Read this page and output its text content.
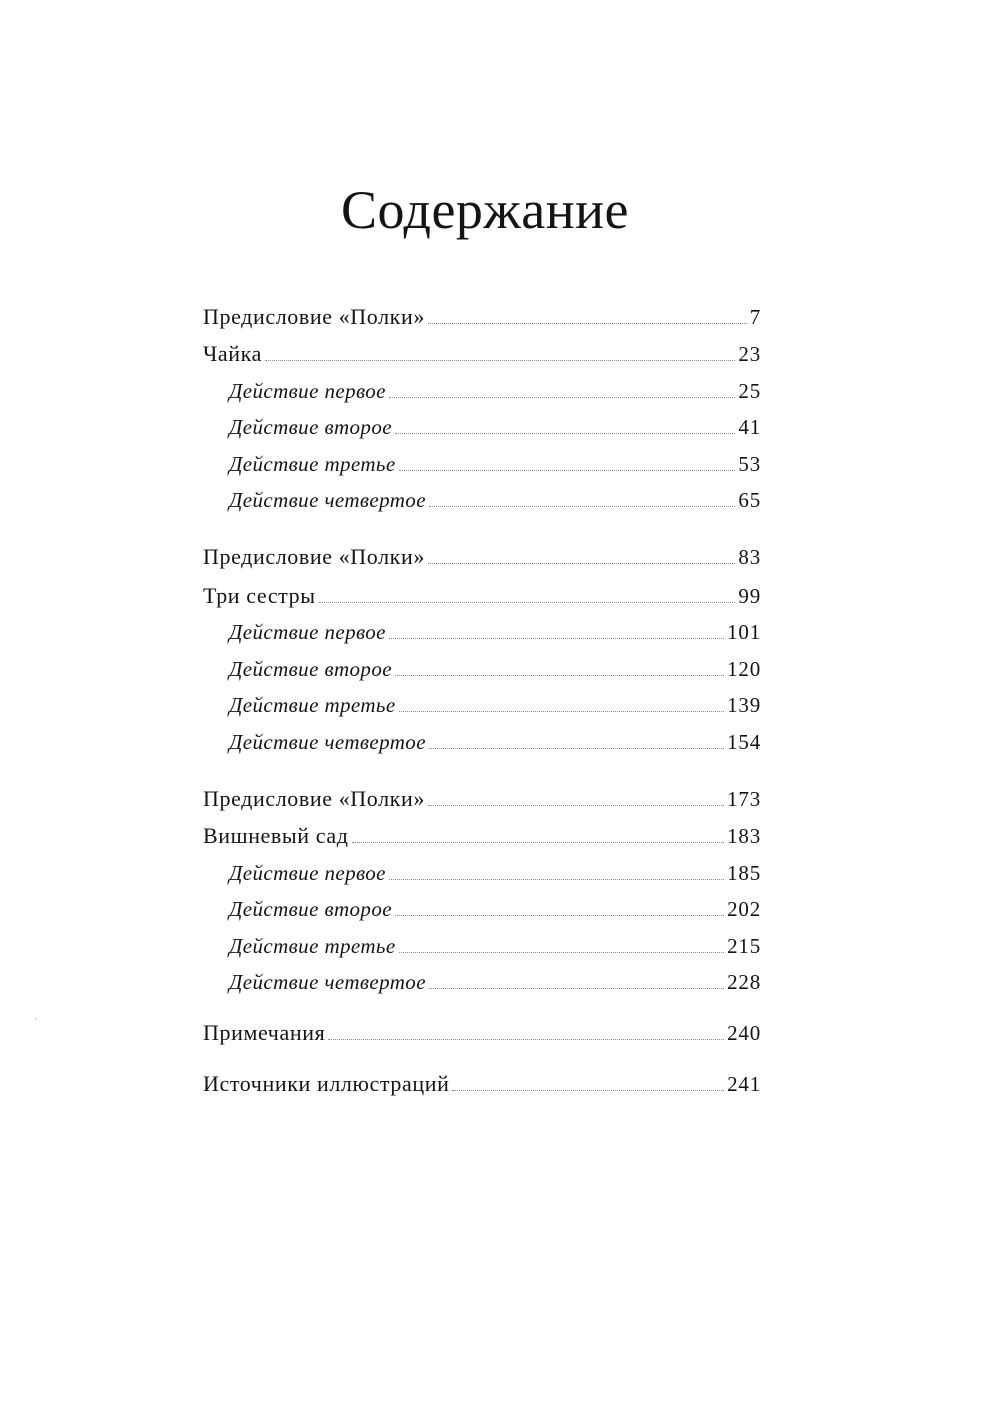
Содержание
Предисловие «Полки»	7
Чайка	23
Действие первое	25
Действие второе	41
Действие третье	53
Действие четвертое	65
Предисловие «Полки»	83
Три сестры	99
Действие первое	101
Действие второе	120
Действие третье	139
Действие четвертое	154
Предисловие «Полки»	173
Вишневый сад	183
Действие первое	185
Действие второе	202
Действие третье	215
Действие четвертое	228
Примечания	240
Источники иллюстраций	241
